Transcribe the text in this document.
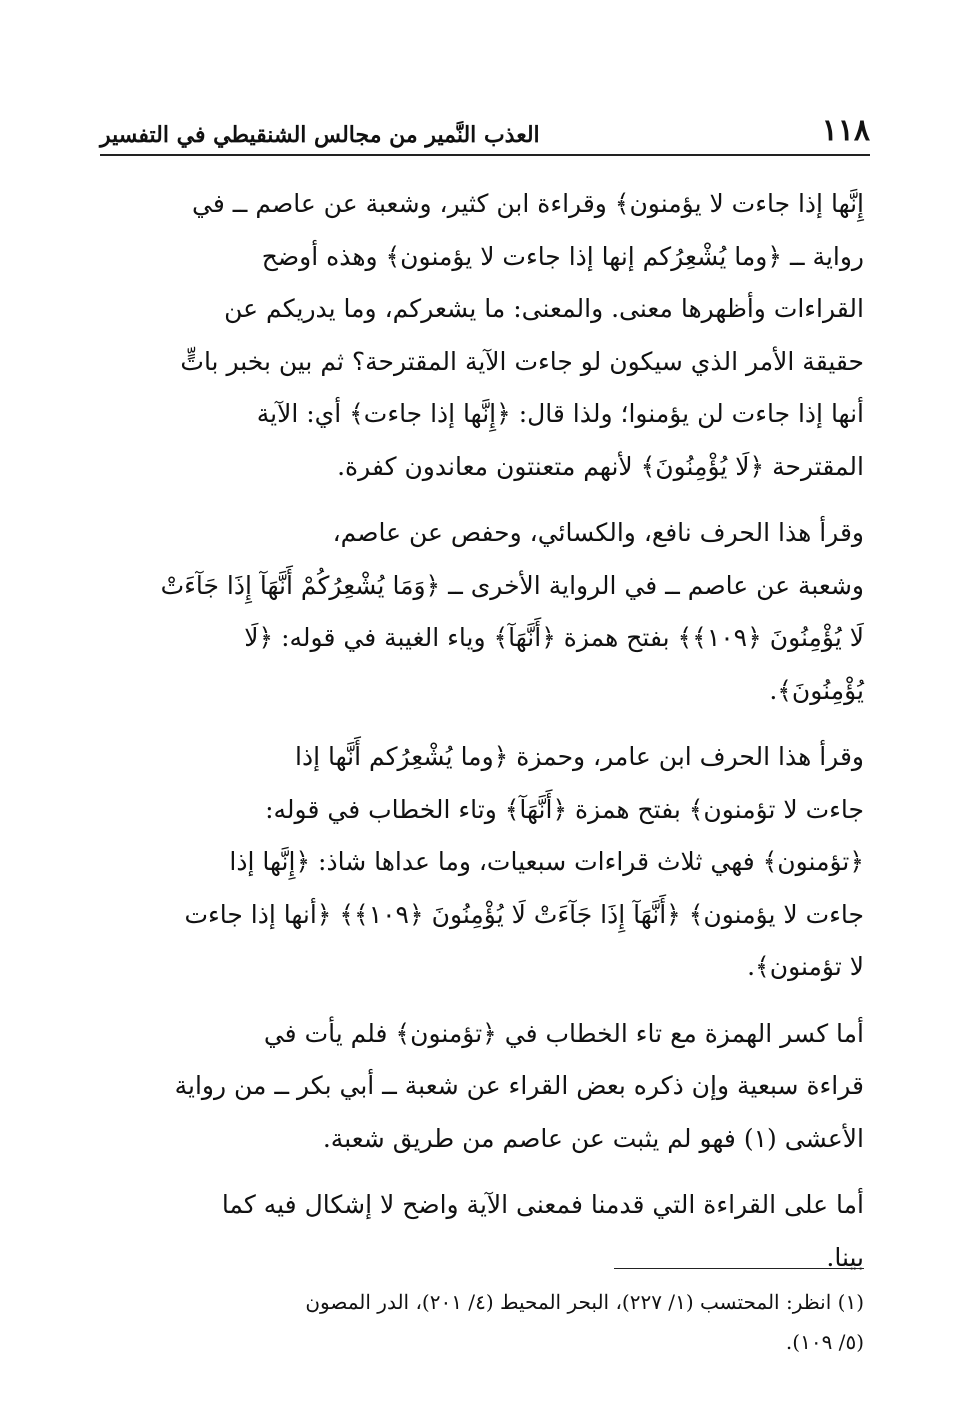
١١٨
العذب النَّمير من مجالس الشنقيطي في التفسير

إِنَّها إذا جاءت لا يؤمنون﴾ وقراءة ابن كثير، وشعبة عن عاصم ــ في
رواية ــ ﴿وما يُشْعِرُكم إنها إذا جاءت لا يؤمنون﴾ وهذه أوضح
القراءات وأظهرها معنى. والمعنى: ما يشعركم، وما يدريكم عن
حقيقة الأمر الذي سيكون لو جاءت الآية المقترحة؟ ثم بين بخبر باتٍّ
أنها إذا جاءت لن يؤمنوا؛ ولذا قال: ﴿إِنَّها إذا جاءت﴾ أي: الآية
المقترحة ﴿لَا يُؤْمِنُونَ﴾ لأنهم متعنتون معاندون كفرة.

وقرأ هذا الحرف نافع، والكسائي، وحفص عن عاصم،
وشعبة عن عاصم ــ في الرواية الأخرى ــ ﴿وَمَا يُشْعِرُكُمْ أَنَّهَآ إِذَا جَآءَتْ
لَا يُؤْمِنُونَ ﴿١٠٩﴾﴾ بفتح همزة ﴿أَنَّهَآ﴾ وياء الغيبة في قوله: ﴿لَا
يُؤْمِنُونَ﴾.

وقرأ هذا الحرف ابن عامر، وحمزة ﴿وما يُشْعِرُكم أَنَّها إذا
جاءت لا تؤمنون﴾ بفتح همزة ﴿أَنَّهَآ﴾ وتاء الخطاب في قوله:
﴿تؤمنون﴾ فهي ثلاث قراءات سبعيات، وما عداها شاذ: ﴿إِنَّها إذا
جاءت لا يؤمنون﴾ ﴿أَنَّهَآ إِذَا جَآءَتْ لَا يُؤْمِنُونَ ﴿١٠٩﴾﴾ ﴿أنها إذا جاءت
لا تؤمنون﴾.

أما كسر الهمزة مع تاء الخطاب في ﴿تؤمنون﴾ فلم يأت في
قراءة سبعية وإن ذكره بعض القراء عن شعبة ــ أبي بكر ــ من رواية
الأعشى (١) فهو لم يثبت عن عاصم من طريق شعبة.

أما على القراءة التي قدمنا فمعنى الآية واضح لا إشكال فيه كما
بينا.

(١) انظر: المحتسب (١/ ٢٢٧)، البحر المحيط (٤/ ٢٠١)، الدر المصون
(٥/ ١٠٩).
